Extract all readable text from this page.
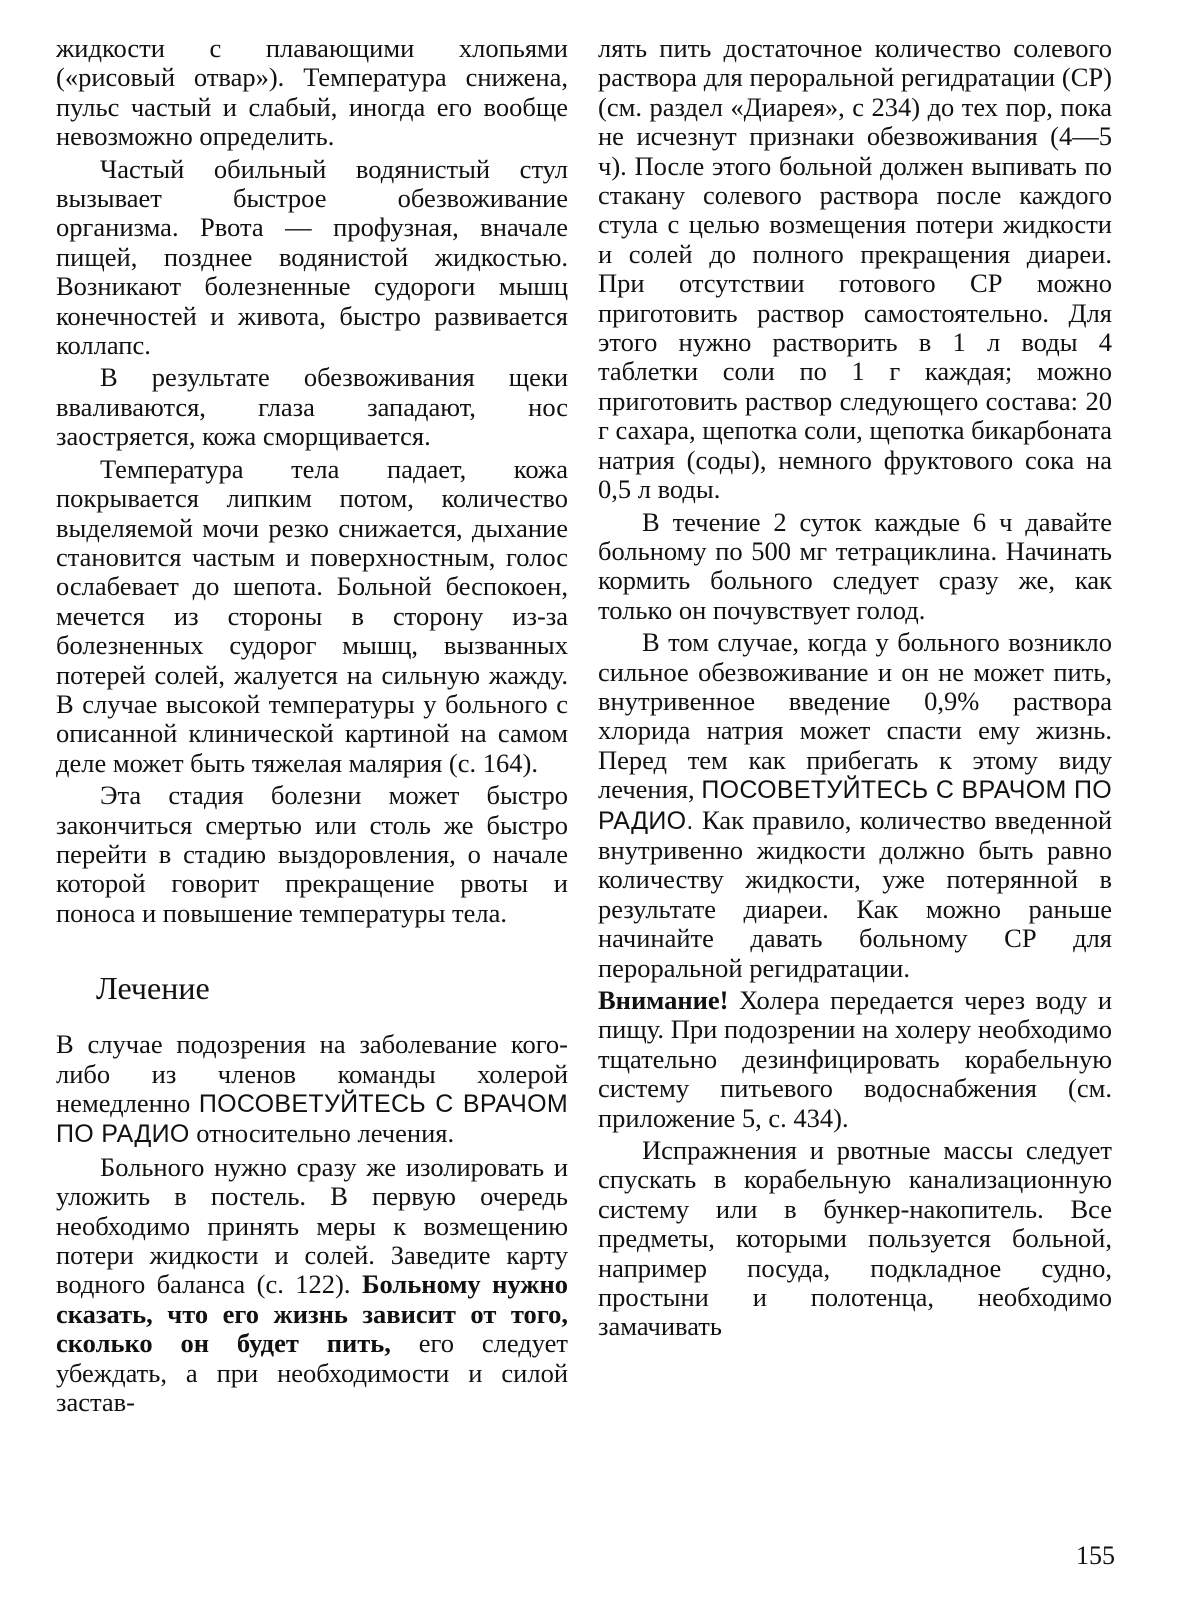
жидкости с плавающими хлопьями («рисовый отвар»). Температура снижена, пульс частый и слабый, иногда его вообще невозможно определить.

Частый обильный водянистый стул вызывает быстрое обезвоживание организма. Рвота — профузная, вначале пищей, позднее водянистой жидкостью. Возникают болезненные судороги мышц конечностей и живота, быстро развивается коллапс.

В результате обезвоживания щеки вваливаются, глаза западают, нос заостряется, кожа сморщивается.

Температура тела падает, кожа покрывается липким потом, количество выделяемой мочи резко снижается, дыхание становится частым и поверхностным, голос ослабевает до шепота. Больной беспокоен, мечется из стороны в сторону из-за болезненных судорог мышц, вызванных потерей солей, жалуется на сильную жажду. В случае высокой температуры у больного с описанной клинической картиной на самом деле может быть тяжелая малярия (с. 164).

Эта стадия болезни может быстро закончиться смертью или столь же быстро перейти в стадию выздоровления, о начале которой говорит прекращение рвоты и поноса и повышение температуры тела.

Лечение

В случае подозрения на заболевание кого-либо из членов команды холерой немедленно ПОСОВЕТУЙТЕСЬ С ВРАЧОМ ПО РАДИО относительно лечения.

Больного нужно сразу же изолировать и уложить в постель. В первую очередь необходимо принять меры к возмещению потери жидкости и солей. Заведите карту водного баланса (с. 122). Больному нужно сказать, что его жизнь зависит от того, сколько он будет пить, его следует убеждать, а при необходимости и силой застав-

лять пить достаточное количество солевого раствора для пероральной регидратации (СР) (см. раздел «Диарея», с 234) до тех пор, пока не исчезнут признаки обезвоживания (4—5 ч). После этого больной должен выпивать по стакану солевого раствора после каждого стула с целью возмещения потери жидкости и солей до полного прекращения диареи. При отсутствии готового СР можно приготовить раствор самостоятельно. Для этого нужно растворить в 1 л воды 4 таблетки соли по 1 г каждая; можно приготовить раствор следующего состава: 20 г сахара, щепотка соли, щепотка бикарбоната натрия (соды), немного фруктового сока на 0,5 л воды.

В течение 2 суток каждые 6 ч давайте больному по 500 мг тетрациклина. Начинать кормить больного следует сразу же, как только он почувствует голод.

В том случае, когда у больного возникло сильное обезвоживание и он не может пить, внутривенное введение 0,9% раствора хлорида натрия может спасти ему жизнь. Перед тем как прибегать к этому виду лечения, ПОСОВЕТУЙТЕСЬ С ВРАЧОМ ПО РАДИО. Как правило, количество введенной внутривенно жидкости должно быть равно количеству жидкости, уже потерянной в результате диареи. Как можно раньше начинайте давать больному СР для пероральной регидратации.

Внимание! Холера передается через воду и пищу. При подозрении на холеру необходимо тщательно дезинфицировать корабельную систему питьевого водоснабжения (см. приложение 5, с. 434).

Испражнения и рвотные массы следует спускать в корабельную канализационную систему или в бункер-накопитель. Все предметы, которыми пользуется больной, например посуда, подкладное судно, простыни и полотенца, необходимо замачивать

155
